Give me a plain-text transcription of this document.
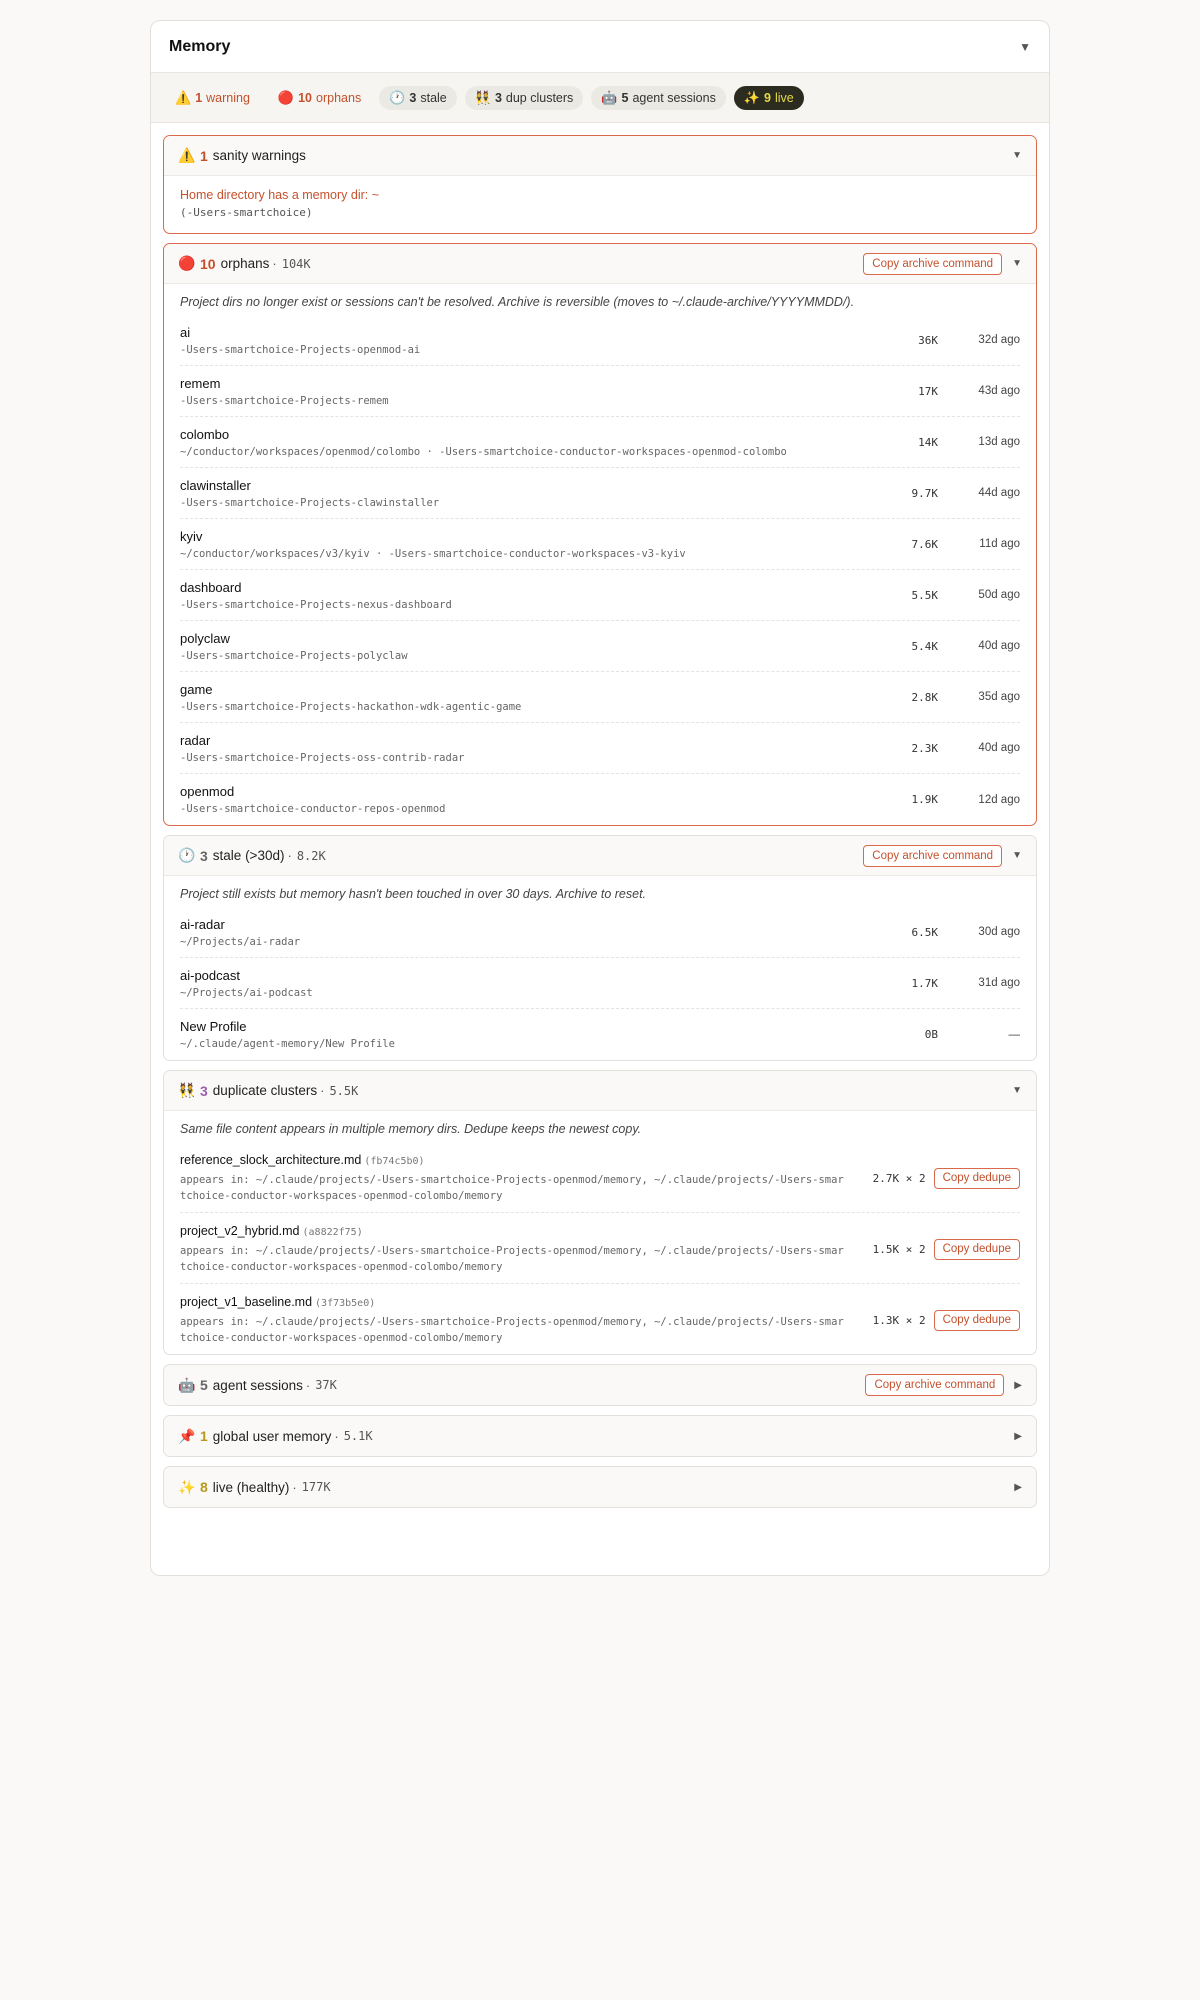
Memory	▼
⚠️ 1 warning 🔴 10 orphans 🕐 3 stale 👯 3 dup clusters 🤖 5 agent sessions ✨ 9 live
⚠️ 1 sanity warnings	▼
Home directory has a memory dir: ~
(-Users-smartchoice)
🔴 10 orphans · 104K	Copy archive command	▼
Project dirs no longer exist or sessions can't be resolved. Archive is reversible (moves to ~/.claude-archive/YYYYMMDD/).
ai
-Users-smartchoice-Projects-openmod-ai
36K	32d ago
remem
-Users-smartchoice-Projects-remem
17K	43d ago
colombo
~/conductor/workspaces/openmod/colombo · -Users-smartchoice-conductor-workspaces-openmod-colombo
14K	13d ago
clawinstaller
-Users-smartchoice-Projects-clawinstaller
9.7K	44d ago
kyiv
~/conductor/workspaces/v3/kyiv · -Users-smartchoice-conductor-workspaces-v3-kyiv
7.6K	11d ago
dashboard
-Users-smartchoice-Projects-nexus-dashboard
5.5K	50d ago
polyclaw
-Users-smartchoice-Projects-polyclaw
5.4K	40d ago
game
-Users-smartchoice-Projects-hackathon-wdk-agentic-game
2.8K	35d ago
radar
-Users-smartchoice-Projects-oss-contrib-radar
2.3K	40d ago
openmod
-Users-smartchoice-conductor-repos-openmod
1.9K	12d ago
🕐 3 stale (>30d) · 8.2K	Copy archive command	▼
Project still exists but memory hasn't been touched in over 30 days. Archive to reset.
ai-radar
~/Projects/ai-radar
6.5K	30d ago
ai-podcast
~/Projects/ai-podcast
1.7K	31d ago
New Profile
~/.claude/agent-memory/New Profile
0B	—
👯 3 duplicate clusters · 5.5K	▼
Same file content appears in multiple memory dirs. Dedupe keeps the newest copy.
reference_slock_architecture.md (fb74c5b0)
appears in: ~/.claude/projects/-Users-smartchoice-Projects-openmod/memory, ~/.claude/projects/-Users-smartchoice-conductor-workspaces-openmod-colombo/memory
2.7K × 2	Copy dedupe
project_v2_hybrid.md (a8822f75)
appears in: ~/.claude/projects/-Users-smartchoice-Projects-openmod/memory, ~/.claude/projects/-Users-smartchoice-conductor-workspaces-openmod-colombo/memory
1.5K × 2	Copy dedupe
project_v1_baseline.md (3f73b5e0)
appears in: ~/.claude/projects/-Users-smartchoice-Projects-openmod/memory, ~/.claude/projects/-Users-smartchoice-conductor-workspaces-openmod-colombo/memory
1.3K × 2	Copy dedupe
🤖 5 agent sessions · 37K	Copy archive command	▶
📌 1 global user memory · 5.1K	▶
✨ 8 live (healthy) · 177K	▶
